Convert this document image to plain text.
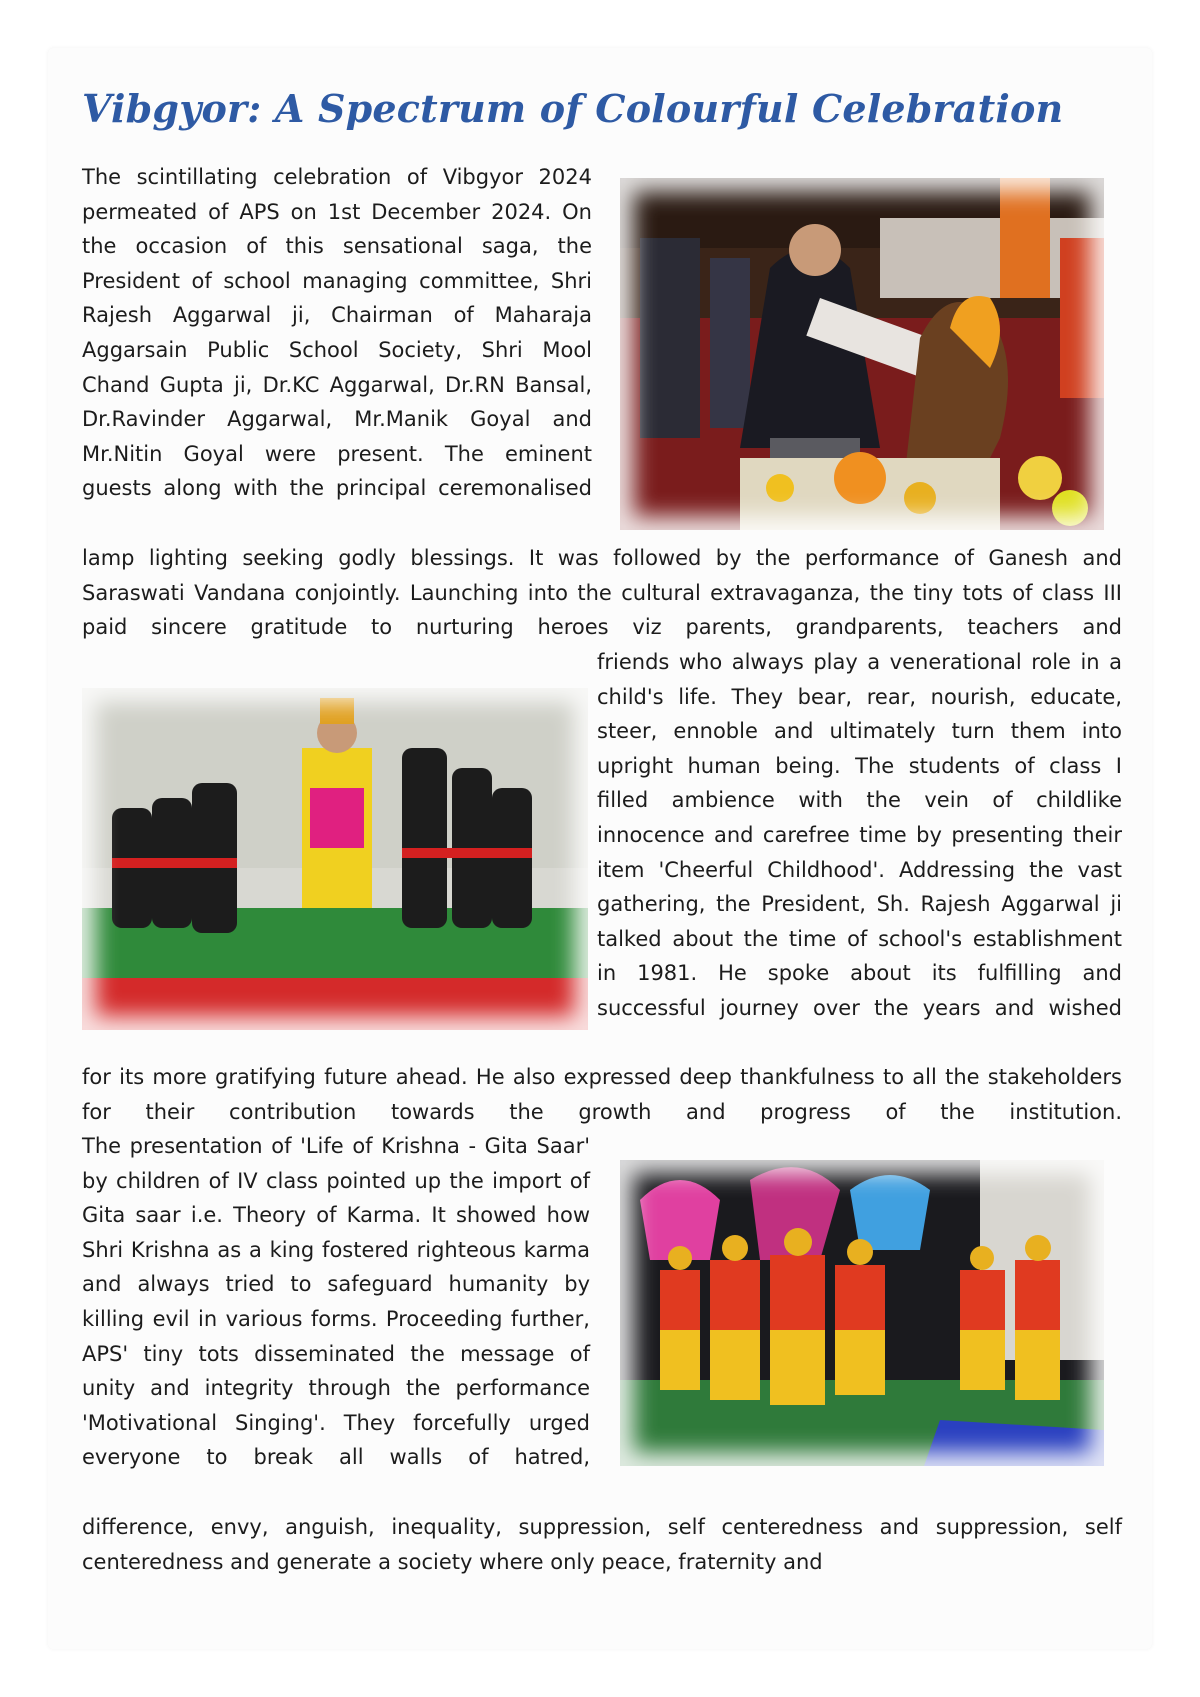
Vibgyor: A Spectrum of Colourful Celebration

The scintillating celebration of Vibgyor 2024 permeated of APS on 1st December 2024. On the occasion of this sensational saga, the President of school managing committee, Shri Rajesh Aggarwal ji, Chairman of Maharaja Aggarsain Public School Society, Shri Mool Chand Gupta ji, Dr.KC Aggarwal, Dr.RN Bansal, Dr.Ravinder Aggarwal, Mr.Manik Goyal and Mr.Nitin Goyal were present. The eminent guests along with the principal ceremonalised

lamp lighting seeking godly blessings. It was followed by the performance of Ganesh and Saraswati Vandana conjointly. Launching into the cultural extravaganza, the tiny tots of class III paid sincere gratitude to nurturing heroes viz parents, grandparents, teachers and

friends who always play a venerational role in a child's life. They bear, rear, nourish, educate, steer, ennoble and ultimately turn them into upright human being. The students of class I filled ambience with the vein of childlike innocence and carefree time by presenting their item 'Cheerful Childhood'. Addressing the vast gathering, the President, Sh. Rajesh Aggarwal ji talked about the time of school's establishment in 1981. He spoke about its fulfilling and successful journey over the years and wished

for its more gratifying future ahead. He also expressed deep thankfulness to all the stakeholders for their contribution towards the growth and progress of the institution.

The presentation of 'Life of Krishna - Gita Saar' by children of IV class pointed up the import of Gita saar i.e. Theory of Karma. It showed how Shri Krishna as a king fostered righteous karma and always tried to safeguard humanity by killing evil in various forms. Proceeding further, APS' tiny tots disseminated the message of unity and integrity through the performance 'Motivational Singing'. They forcefully urged everyone to break all walls of hatred,

difference, envy, anguish, inequality, suppression, self centeredness and suppression, self centeredness and generate a society where only peace, fraternity and
